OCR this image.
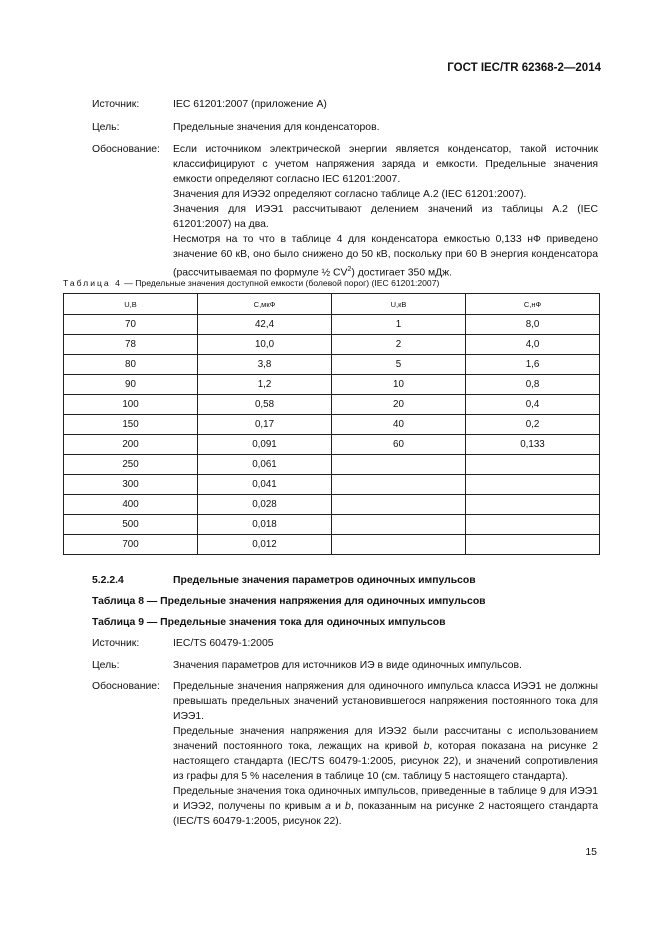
ГОСТ IEC/TR 62368-2—2014
Источник:	IEC 61201:2007 (приложение А)
Цель:	Предельные значения для конденсаторов.
Обоснование:	Если источником электрической энергии является конденсатор, такой источник классифицируют с учетом напряжения заряда и емкости. Предельные значения емкости определяют согласно IEC 61201:2007.

Значения для ИЭЭ2 определяют согласно таблице А.2 (IEC 61201:2007).

Значения для ИЭЭ1 рассчитывают делением значений из таблицы А.2 (IEC 61201:2007) на два.

Несмотря на то что в таблице 4 для конденсатора емкостью 0,133 нФ приведено значение 60 кВ, оно было снижено до 50 кВ, поскольку при 60 В энергия конденсатора (рассчитываемая по формуле ½ $CV^2$) достигает 350 мДж.

Таблица 4 — Предельные значения доступной емкости (болевой порог) (IEC 61201:2007)
U,В	С,мкФ	U,кВ	С,нФ
70	42,4	1	8,0
78	10,0	2	4,0
80	3,8	5	1,6
90	1,2	10	0,8
100	0,58	20	0,4
150	0,17	40	0,2
200	0,091	60	0,133
250	0,061		
300	0,041		
400	0,028		
500	0,018		
700	0,012		
5.2.2.4	Предельные значения параметров одиночных импульсов
Таблица 8 — Предельные значения напряжения для одиночных импульсов
Таблица 9 — Предельные значения тока для одиночных импульсов
Источник:	IEC/TS 60479-1:2005
Цель:	Значения параметров для источников ИЭ в виде одиночных импульсов.
Обоснование:	Предельные значения напряжения для одиночного импульса класса ИЭЭ1 не должны превышать предельных значений установившегося напряжения постоянного тока для ИЭЭ1.

Предельные значения напряжения для ИЭЭ2 были рассчитаны с использованием значений постоянного тока, лежащих на кривой b, которая показана на рисунке 2 настоящего стандарта (IEC/TS 60479-1:2005, рисунок 22), и значений сопротивления из графы для 5 % населения в таблице 10 (см. таблицу 5 настоящего стандарта).

Предельные значения тока одиночных импульсов, приведенные в таблице 9 для ИЭЭ1 и ИЭЭ2, получены по кривым a и b, показанным на рисунке 2 настоящего стандарта (IEC/TS 60479-1:2005, рисунок 22).

15
